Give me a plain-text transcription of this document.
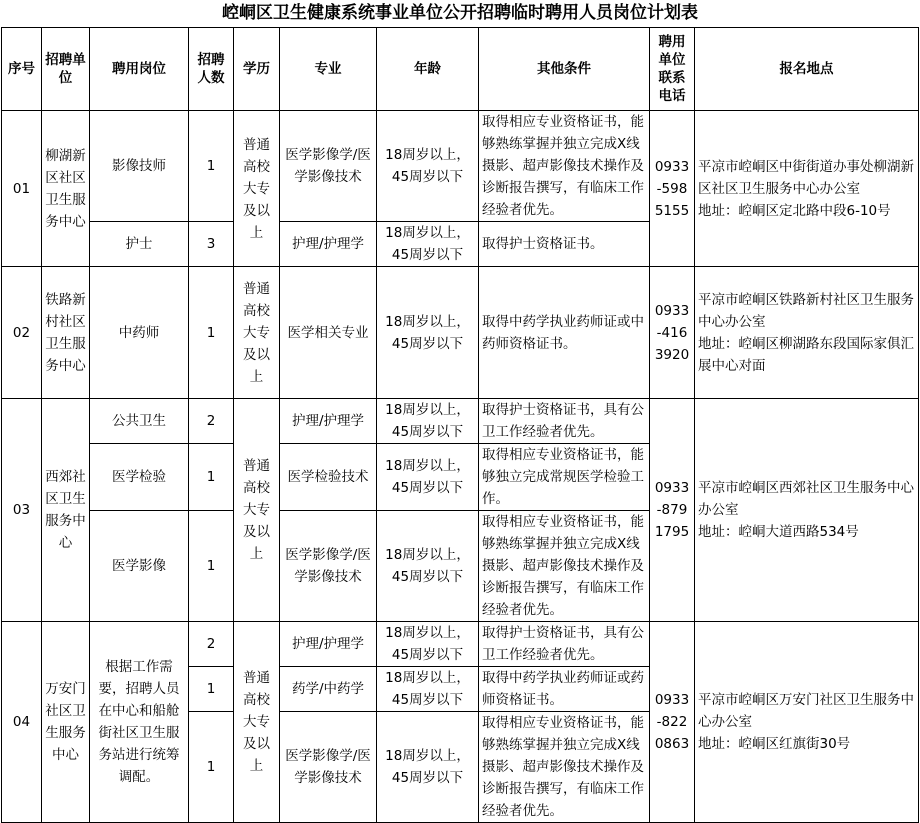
崆峒区卫生健康系统事业单位公开招聘临时聘用人员岗位计划表
序号	招聘单位	聘用岗位	招聘人数	学历	专业	年龄	其他条件	聘用单位联系电话	报名地点
01	柳湖新区社区卫生服务中心	影像技师	1	普通高校大专及以上	医学影像学/医学影像技术	18周岁以上，45周岁以下	取得相应专业资格证书，能够熟练掌握并独立完成X线摄影、超声影像技术操作及诊断报告撰写，有临床工作经验者优先。	0933-5985155	平凉市崆峒区中街街道办事处柳湖新区社区卫生服务中心办公室
地址：崆峒区定北路中段6-10号
		护士	3		护理/护理学	18周岁以上，45周岁以下	取得护士资格证书。		
02	铁路新村社区卫生服务中心	中药师	1	普通高校大专及以上	医学相关专业	18周岁以上，45周岁以下	取得中药学执业药师证或中药师资格证书。	0933-4163920	平凉市崆峒区铁路新村社区卫生服务中心办公室
地址：崆峒区柳湖路东段国际家俱汇展中心对面
03	西郊社区卫生服务中心	公共卫生	2	普通高校大专及以上	护理/护理学	18周岁以上，45周岁以下	取得护士资格证书，具有公卫工作经验者优先。	0933-8791795	平凉市崆峒区西郊社区卫生服务中心办公室
地址：崆峒大道西路534号
		医学检验	1		医学检验技术	18周岁以上，45周岁以下	取得相应专业资格证书，能够独立完成常规医学检验工作。		
		医学影像	1		医学影像学/医学影像技术	18周岁以上，45周岁以下	取得相应专业资格证书，能够熟练掌握并独立完成X线摄影、超声影像技术操作及诊断报告撰写，有临床工作经验者优先。		
04	万安门社区卫生服务中心	根据工作需要，招聘人员在中心和船舱街社区卫生服务站进行统筹调配。	2	普通高校大专及以上	护理/护理学	18周岁以上，45周岁以下	取得护士资格证书，具有公卫工作经验者优先。	0933-8220863	平凉市崆峒区万安门社区卫生服务中心办公室
地址：崆峒区红旗街30号
			1		药学/中药学	18周岁以上，45周岁以下	取得中药学执业药师证或药师资格证书。		
			1		医学影像学/医学影像技术	18周岁以上，45周岁以下	取得相应专业资格证书，能够熟练掌握并独立完成X线摄影、超声影像技术操作及诊断报告撰写，有临床工作经验者优先。		
